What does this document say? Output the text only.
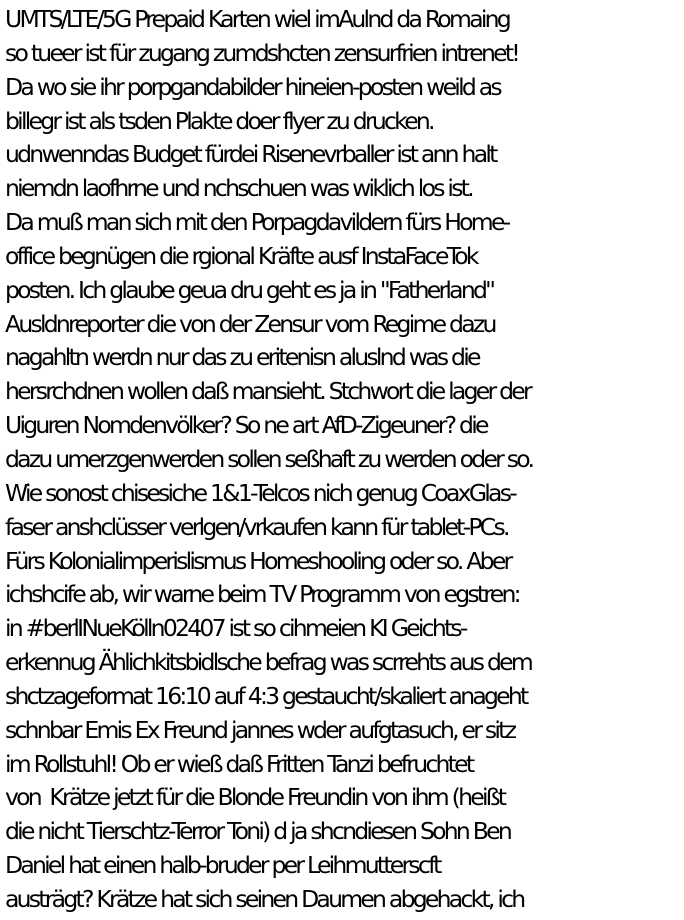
UMTS/LTE/5G Prepaid Karten wiel imAulnd da Romaing
so tueer ist für zugang zumdshcten zensurfrien intrenet!
Da wo sie ihr porpgandabilder hineien-posten weild as
billegr ist als tsden Plakte doer flyer zu drucken.
udnwenndas Budget fürdei Risenevrballer ist ann halt
niemdn laofhrne und nchschuen was wiklich los ist.
Da muß man sich mit den Porpagdavildern fürs Home-
office begnügen die rgional Kräfte ausf InstaFaceTok
posten. Ich glaube geua dru geht es ja in "Fatherland"
Ausldnreporter die von der Zensur vom Regime dazu
nagahltn werdn nur das zu eritenisn aluslnd was die
hersrchdnen wollen daß mansieht. Stchwort die lager der
Uiguren Nomdenvölker? So ne art AfD-Zigeuner? die
dazu umerzgenwerden sollen seßhaft zu werden oder so.
Wie sonost chisesiche 1&1-Telcos nich genug CoaxGlas-
faser anshclüsser verlgen/vrkaufen kann für tablet-PCs.
Fürs Kolonialimperislismus Homeshooling oder so. Aber
ichshcife ab, wir warne beim TV Programm von egstren:
in #berlINueKölln02407 ist so cihmeien KI Geichts-
erkennug Ählichkitsbidlsche befrag was scrrehts aus dem
shctzageformat 16:10 auf 4:3 gestaucht/skaliert anageht
schnbar Emis Ex Freund jannes wder aufgtasuch, er sitz
im Rollstuhl! Ob er wieß daß Fritten Tanzi befruchtet
von  Krätze jetzt für die Blonde Freundin von ihm (heißt
die nicht Tierschtz-Terror Toni) d ja shcndiesen Sohn Ben
Daniel hat einen halb-bruder per Leihmutterscft
austrägt? Krätze hat sich seinen Daumen abgehackt, ich
